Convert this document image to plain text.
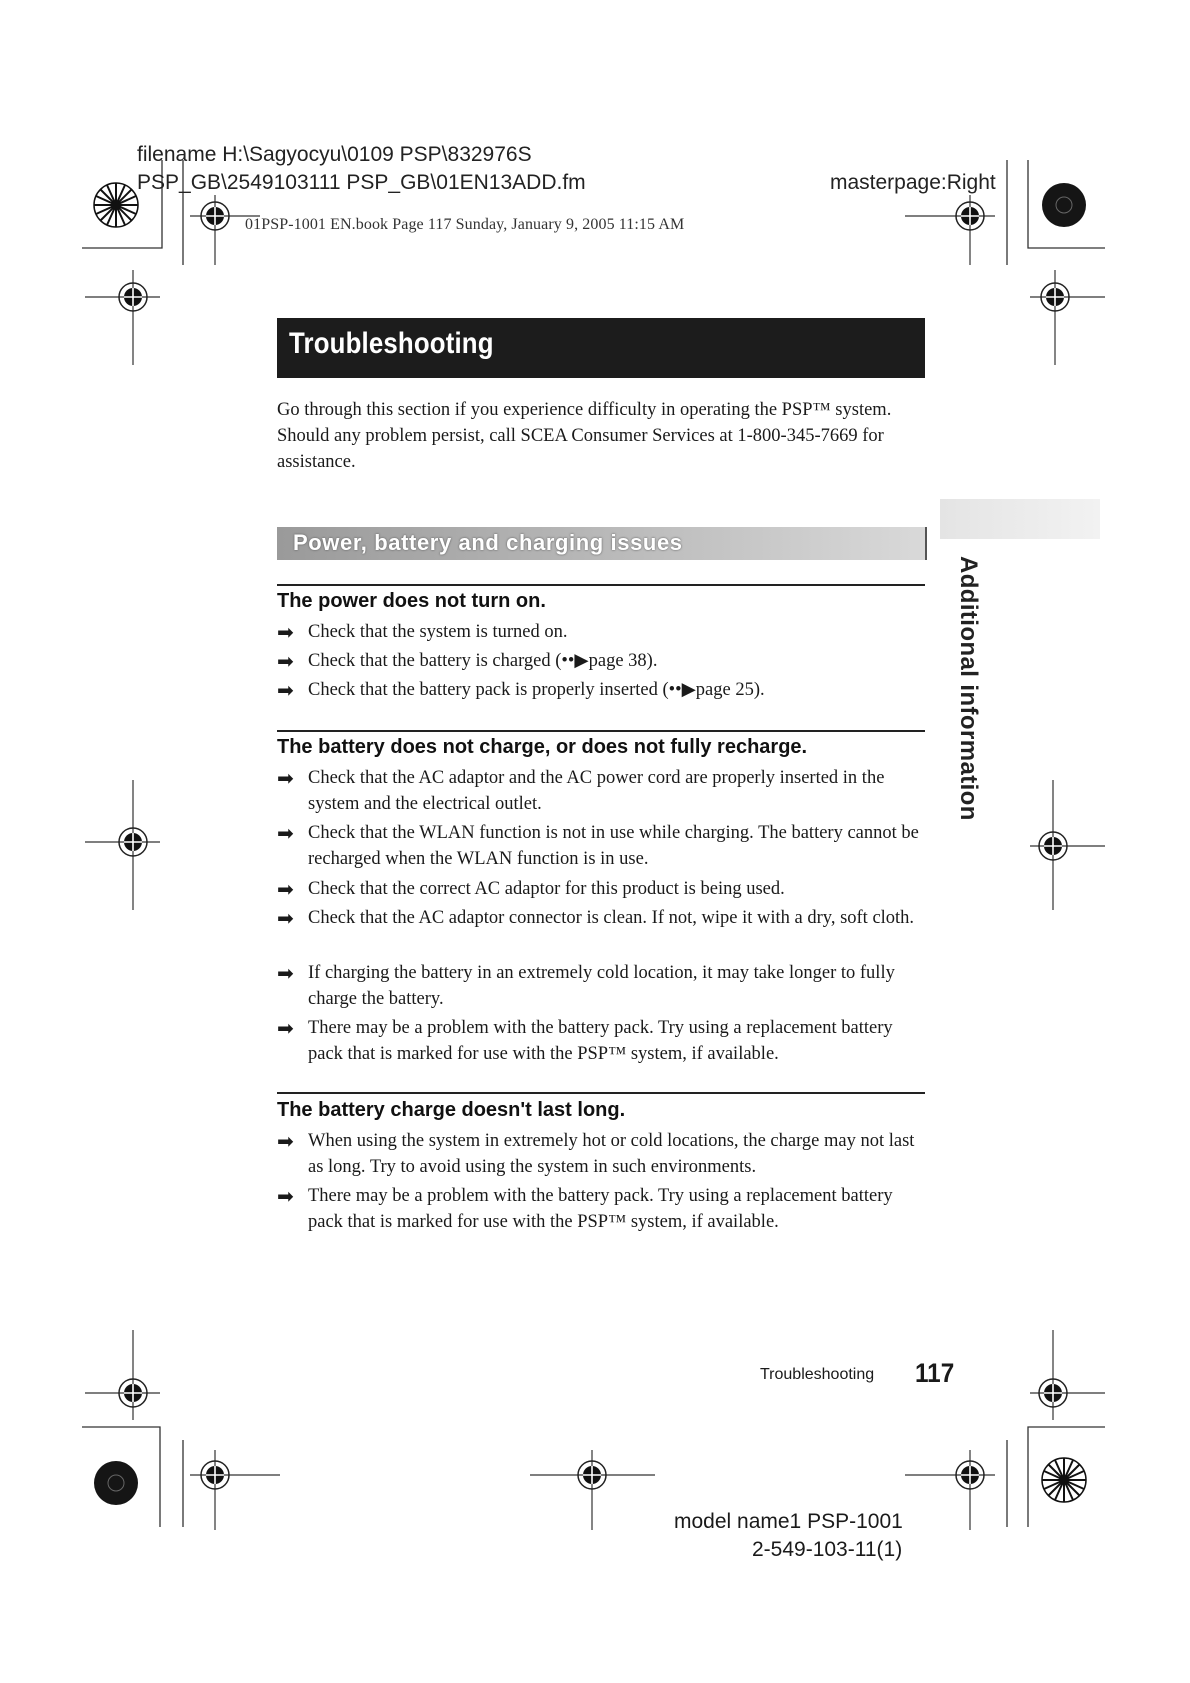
filename H:\Sagyocyu\0109 PSP\832976S
PSP_GB\2549103111 PSP_GB\01EN13ADD.fm	masterpage:Right
01PSP-1001 EN.book Page 117 Sunday, January 9, 2005 11:15 AM
Troubleshooting
Go through this section if you experience difficulty in operating the PSP™ system. Should any problem persist, call SCEA Consumer Services at 1-800-345-7669 for assistance.
Additional information
Power, battery and charging issues
The power does not turn on.
➡ Check that the system is turned on.
➡ Check that the battery is charged (••▶page 38).
➡ Check that the battery pack is properly inserted (••▶page 25).
The battery does not charge, or does not fully recharge.
➡ Check that the AC adaptor and the AC power cord are properly inserted in the system and the electrical outlet.
➡ Check that the WLAN function is not in use while charging. The battery cannot be recharged when the WLAN function is in use.
➡ Check that the correct AC adaptor for this product is being used.
➡ Check that the AC adaptor connector is clean. If not, wipe it with a dry, soft cloth.
➡ If charging the battery in an extremely cold location, it may take longer to fully charge the battery.
➡ There may be a problem with the battery pack. Try using a replacement battery pack that is marked for use with the PSP™ system, if available.
The battery charge doesn't last long.
➡ When using the system in extremely hot or cold locations, the charge may not last as long. Try to avoid using the system in such environments.
➡ There may be a problem with the battery pack. Try using a replacement battery pack that is marked for use with the PSP™ system, if available.
Troubleshooting 117
model name1 PSP-1001
2-549-103-11(1)
